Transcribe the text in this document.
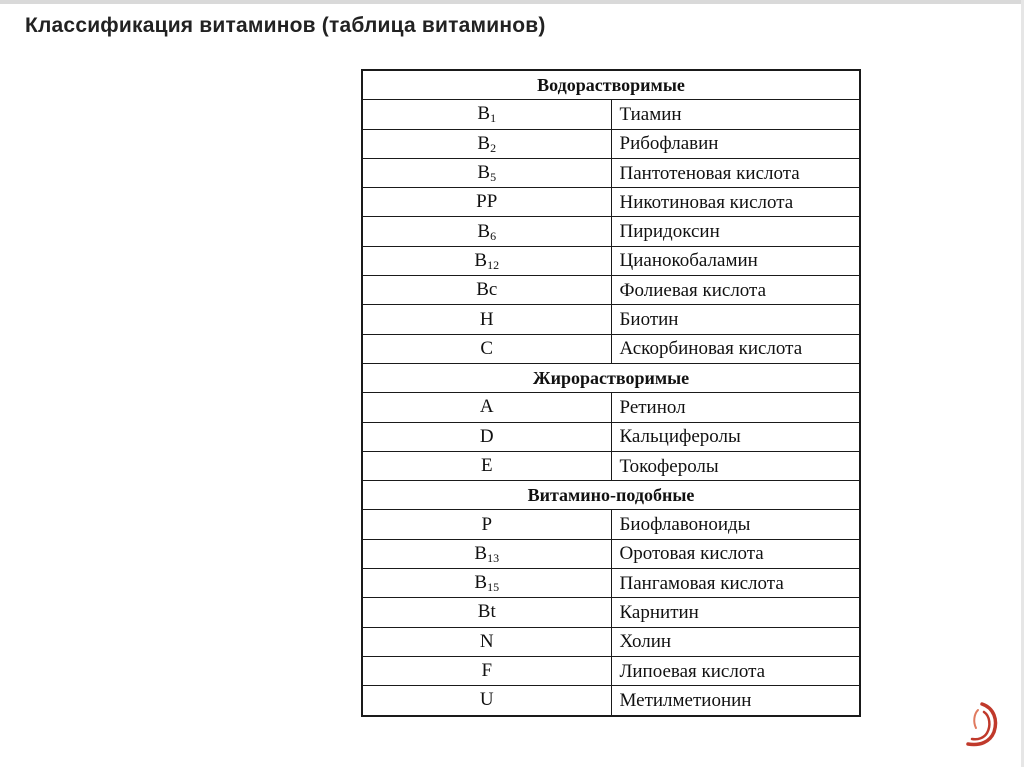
Классификация витаминов (таблица витаминов)
Водорастворимые	
$B_1$	Тиамин
$B_2$	Рибофлавин
$B_5$	Пантотеновая кислота
PP	Никотиновая кислота
$B_6$	Пиридоксин
$B_{12}$	Цианокобаламин
Bc	Фолиевая кислота
H	Биотин
C	Аскорбиновая кислота
Жирорастворимые	
A	Ретинол
D	Кальциферолы
E	Токоферолы
Витамино-подобные	
P	Биофлавоноиды
$B_{13}$	Оротовая кислота
$B_{15}$	Пангамовая кислота
Bt	Карнитин
N	Холин
F	Липоевая кислота
U	Метилметионин
